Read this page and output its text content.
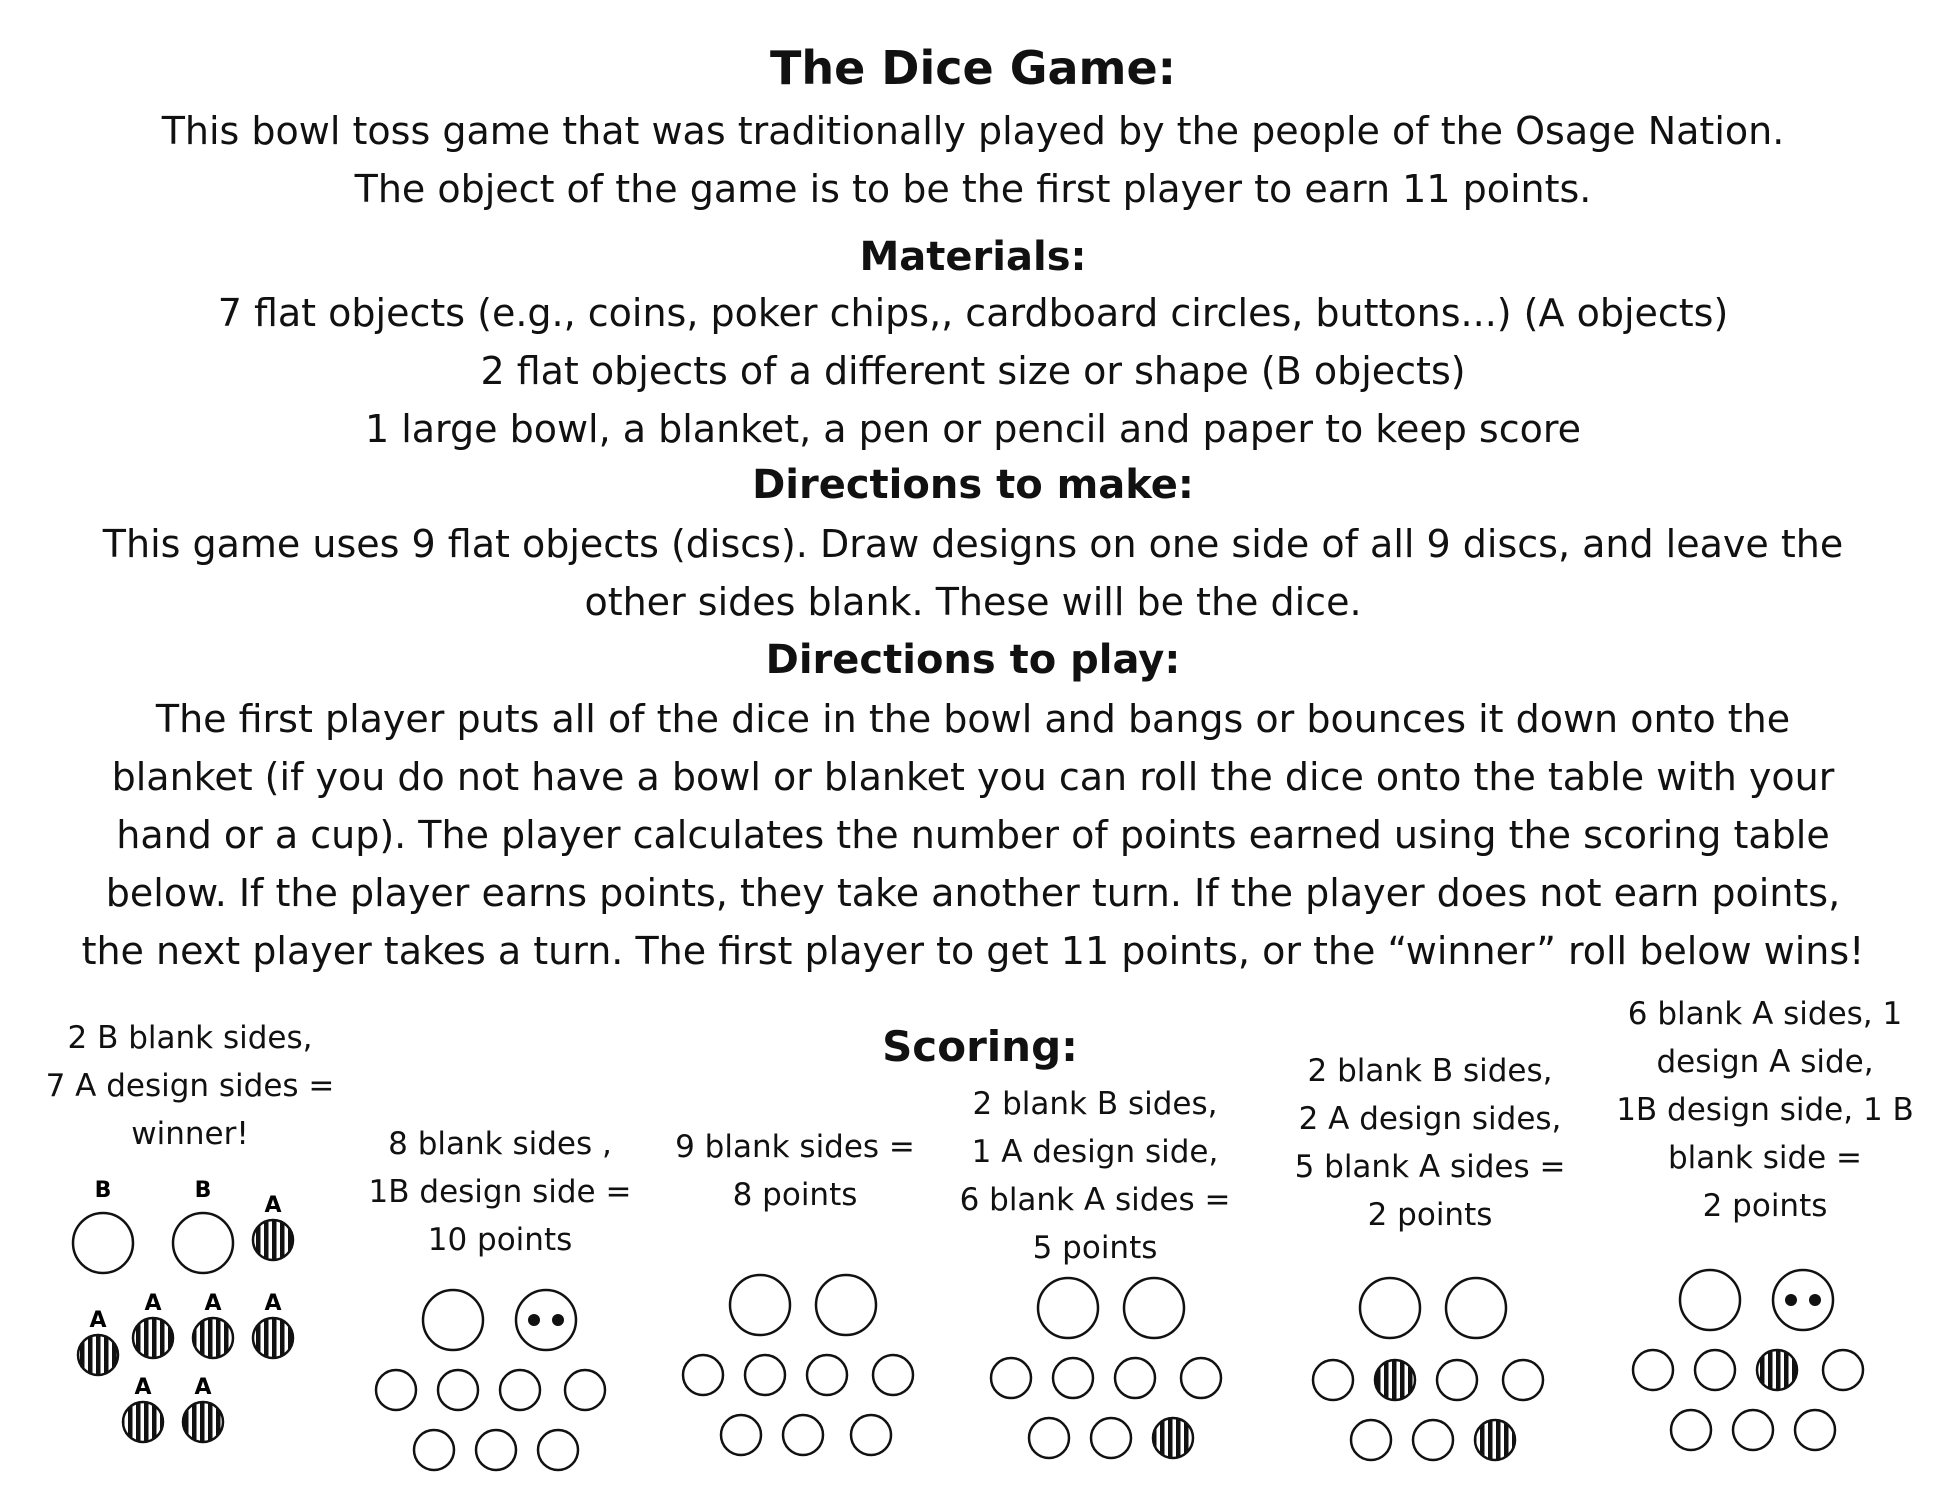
The Dice Game:
This bowl toss game that was traditionally played by the people of the Osage Nation.
The object of the game is to be the first player to earn 11 points.
Materials:
7 flat objects (e.g., coins, poker chips,, cardboard circles, buttons...) (A objects)
2 flat objects of a different size or shape (B objects)
1 large bowl, a blanket, a pen or pencil and paper to keep score
Directions to make:
This game uses 9 flat objects (discs). Draw designs on one side of all 9 discs, and leave the
other sides blank. These will be the dice.
Directions to play:
The first player puts all of the dice in the bowl and bangs or bounces it down onto the
blanket (if you do not have a bowl or blanket you can roll the dice onto the table with your
hand or a cup). The player calculates the number of points earned using the scoring table
below. If the player earns points, they take another turn. If the player does not earn points,
the next player takes a turn. The first player to get 11 points, or the “winner” roll below wins!
Scoring:
2 B blank sides,
7 A design sides =
winner!	8 blank sides ,
1B design side =
10 points
9 blank sides =
8 points
2 blank B sides,
1 A design side,
6 blank A sides =
5 points
2 blank B sides,
2 A design sides,
5 blank A sides =
2 points
6 blank A sides, 1
design A side,
1B design side, 1 B
blank side =
2 points
B	B
A
A
A A A
A A
